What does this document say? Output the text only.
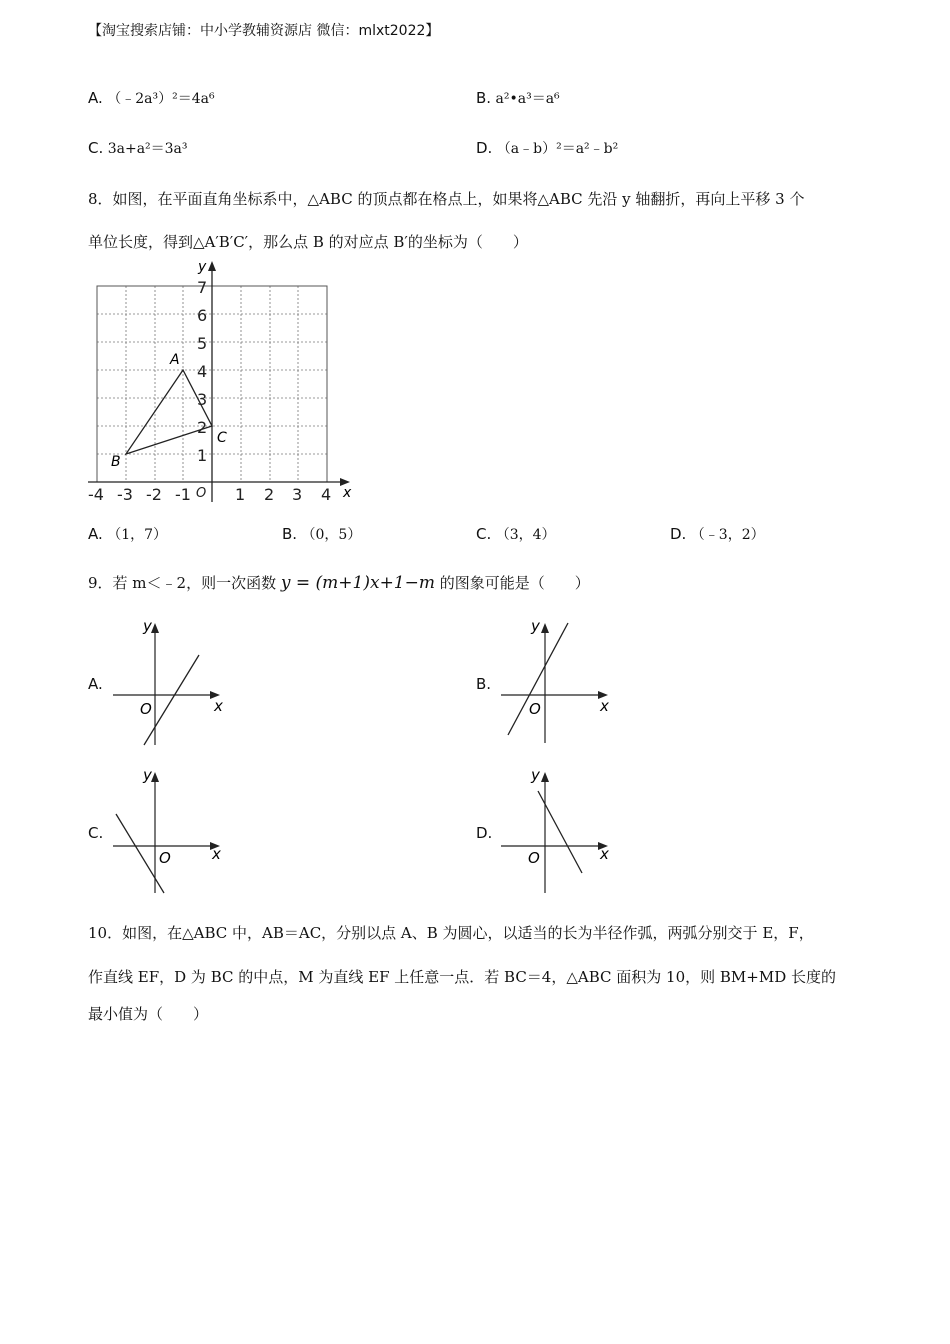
【淘宝搜索店铺：中小学教辅资源店 微信：mlxt2022】
A. （﹣2a³）²＝4a⁶	B. a²•a³＝a⁶
C. 3a+a²＝3a³	D. （a﹣b）²＝a²﹣b²
8．如图，在平面直角坐标系中，△ABC 的顶点都在格点上，如果将△ABC 先沿 y 轴翻折，再向上平移 3 个
单位长度，得到△A′B′C′，那么点 B 的对应点 B′的坐标为（　　）
x
y
-4 -3 -2 -1 O 1 2 3 4
1
2
3
4
5
6
7
A
B
C
A. （1，7）	B. （0，5）	C. （3，4）	D. （﹣3，2）
9．若 m＜﹣2，则一次函数 y = (m+1)x+1−m 的图象可能是（　　）
A.
x
y
O
B.
x
y
O
C.
x
y
O
D.
x
y
O
10．如图，在△ABC 中，AB＝AC，分别以点 A、B 为圆心，以适当的长为半径作弧，两弧分别交于 E，F，
作直线 EF，D 为 BC 的中点，M 为直线 EF 上任意一点．若 BC＝4，△ABC 面积为 10，则 BM+MD 长度的
最小值为（　　）
